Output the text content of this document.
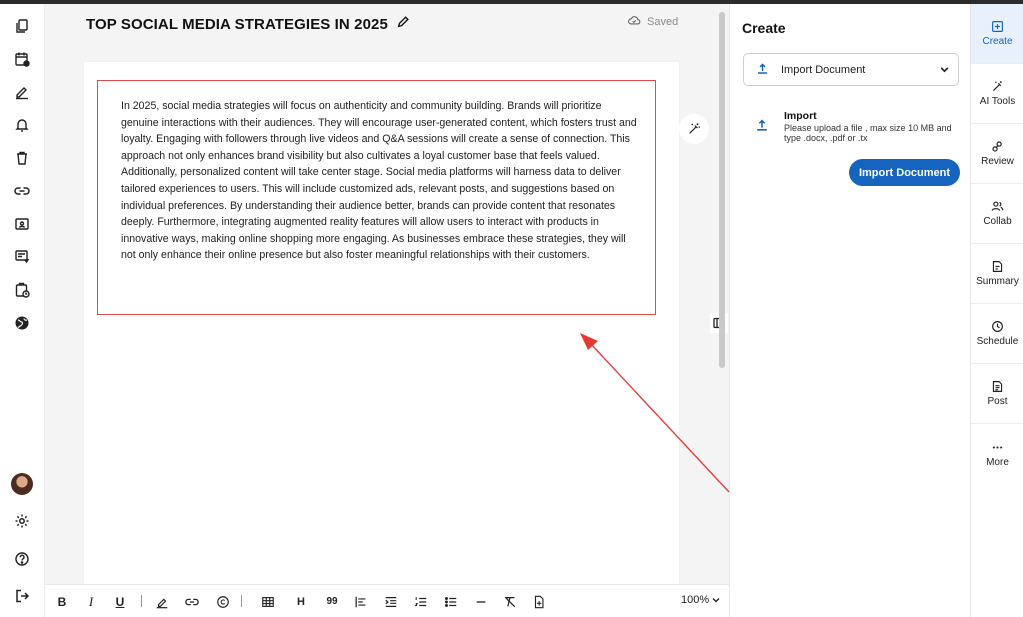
TOP SOCIAL MEDIA STRATEGIES IN 2025	Saved
In 2025, social media strategies will focus on authenticity and community building. Brands will prioritize genuine interactions with their audiences. They will encourage user-generated content, which fosters trust and loyalty. Engaging with followers through live videos and Q&A sessions will create a sense of connection. This approach not only enhances brand visibility but also cultivates a loyal customer base that feels valued. Additionally, personalized content will take center stage. Social media platforms will harness data to deliver tailored experiences to users. This will include customized ads, relevant posts, and suggestions based on individual preferences. By understanding their audience better, brands can provide content that resonates deeply. Furthermore, integrating augmented reality features will allow users to interact with products in innovative ways, making online shopping more engaging. As businesses embrace these strategies, they will not only enhance their online presence but also foster meaningful relationships with their customers.
B	I	U	H	99	100%
Create
Import Document
Import
Please upload a file , max size 10 MB and type .docx, .pdf or .tx
Import Document
Create
AI Tools
Review
Collab
Summary
Schedule
Post
More
